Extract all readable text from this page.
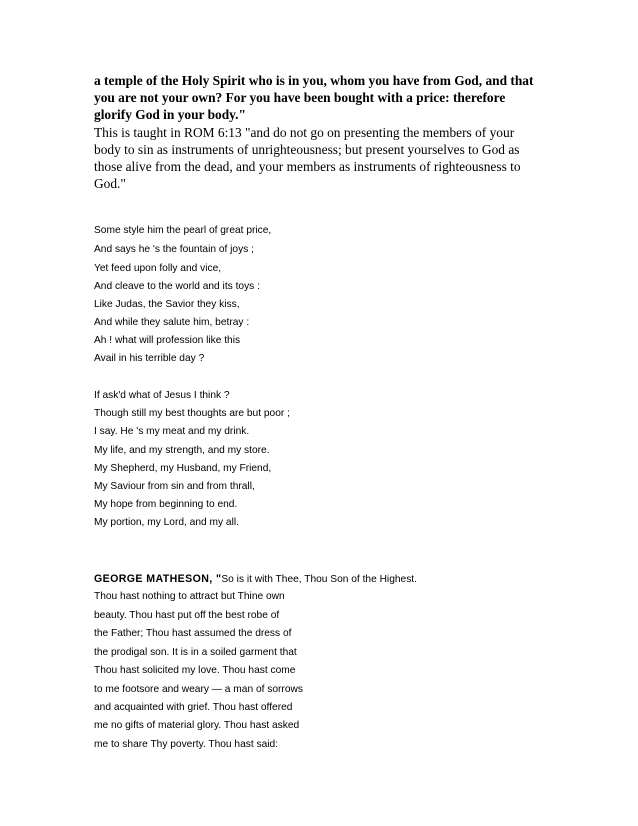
a temple of the Holy Spirit who is in you, whom you have from God, and that you are not your own? For you have been bought with a price: therefore glorify God in your body."
This is taught in ROM 6:13 "and do not go on presenting the members of your body to sin as instruments of unrighteousness; but present yourselves to God as those alive from the dead, and your members as instruments of righteousness to God."
Some style him the pearl of great price,
And says he 's the fountain of joys ;
Yet feed upon folly and vice,
And cleave to the world and its toys :
Like Judas, the Savior they kiss,
And while they salute him, betray :
Ah ! what will profession like this
Avail in his terrible day ?
If ask'd what of Jesus I think ?
Though still my best thoughts are but poor ;
I say. He 's my meat and my drink.
My life, and my strength, and my store.
My Shepherd, my Husband, my Friend,
My Saviour from sin and from thrall,
My hope from beginning to end.
My portion, my Lord, and my all.
GEORGE MATHESON, "So is it with Thee, Thou Son of the Highest.
Thou hast nothing to attract but Thine own
beauty. Thou hast put off the best robe of
the Father; Thou hast assumed the dress of
the prodigal son. It is in a soiled garment that
Thou hast solicited my love. Thou hast come
to me footsore and weary — a man of sorrows
and acquainted with grief. Thou hast offered
me no gifts of material glory. Thou hast asked
me to share Thy poverty. Thou hast said:
